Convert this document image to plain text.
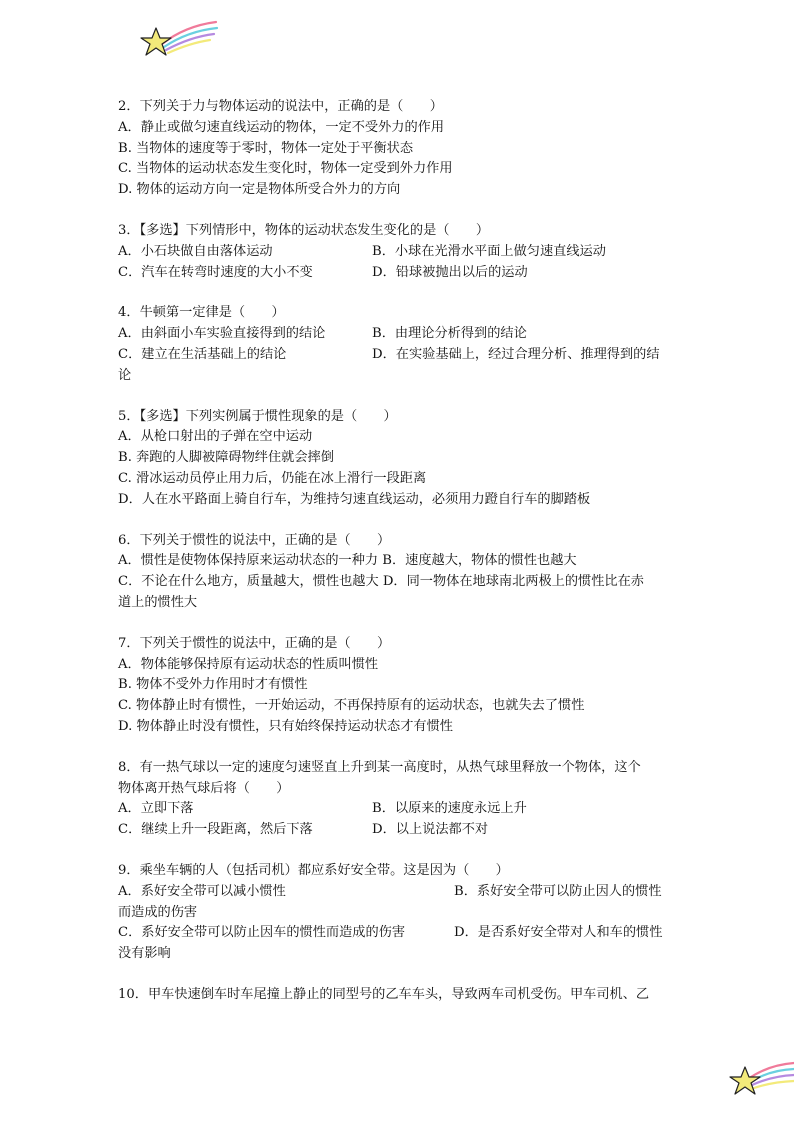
2．下列关于力与物体运动的说法中，正确的是（　　）
A．静止或做匀速直线运动的物体，一定不受外力的作用
B. 当物体的速度等于零时，物体一定处于平衡状态
C. 当物体的运动状态发生变化时，物体一定受到外力作用
D. 物体的运动方向一定是物体所受合外力的方向
3．【多选】下列情形中，物体的运动状态发生变化的是（　　）
A．小石块做自由落体运动	B．小球在光滑水平面上做匀速直线运动
C．汽车在转弯时速度的大小不变	D．铅球被抛出以后的运动
4．牛顿第一定律是（　　）
A．由斜面小车实验直接得到的结论	B．由理论分析得到的结论
C．建立在生活基础上的结论	D．在实验基础上，经过合理分析、推理得到的结
论
5．【多选】下列实例属于惯性现象的是（　　）
A．从枪口射出的子弹在空中运动
B. 奔跑的人脚被障碍物绊住就会摔倒
C. 滑冰运动员停止用力后，仍能在冰上滑行一段距离
D．人在水平路面上骑自行车，为维持匀速直线运动，必须用力蹬自行车的脚踏板
6．下列关于惯性的说法中，正确的是（　　）
A．惯性是使物体保持原来运动状态的一种力 B．速度越大，物体的惯性也越大
C．不论在什么地方，质量越大，惯性也越大 D．同一物体在地球南北两极上的惯性比在赤
道上的惯性大
7．下列关于惯性的说法中，正确的是（　　）
A．物体能够保持原有运动状态的性质叫惯性
B. 物体不受外力作用时才有惯性
C. 物体静止时有惯性，一开始运动，不再保持原有的运动状态，也就失去了惯性
D. 物体静止时没有惯性，只有始终保持运动状态才有惯性
8．有一热气球以一定的速度匀速竖直上升到某一高度时，从热气球里释放一个物体，这个
物体离开热气球后将（　　）
A．立即下落	B．以原来的速度永远上升
C．继续上升一段距离，然后下落	D．以上说法都不对
9．乘坐车辆的人（包括司机）都应系好安全带。这是因为（　　）
A．系好安全带可以减小惯性	B．系好安全带可以防止因人的惯性
而造成的伤害
C．系好安全带可以防止因车的惯性而造成的伤害	D．是否系好安全带对人和车的惯性
没有影响
10．甲车快速倒车时车尾撞上静止的同型号的乙车车头，导致两车司机受伤。甲车司机、乙
